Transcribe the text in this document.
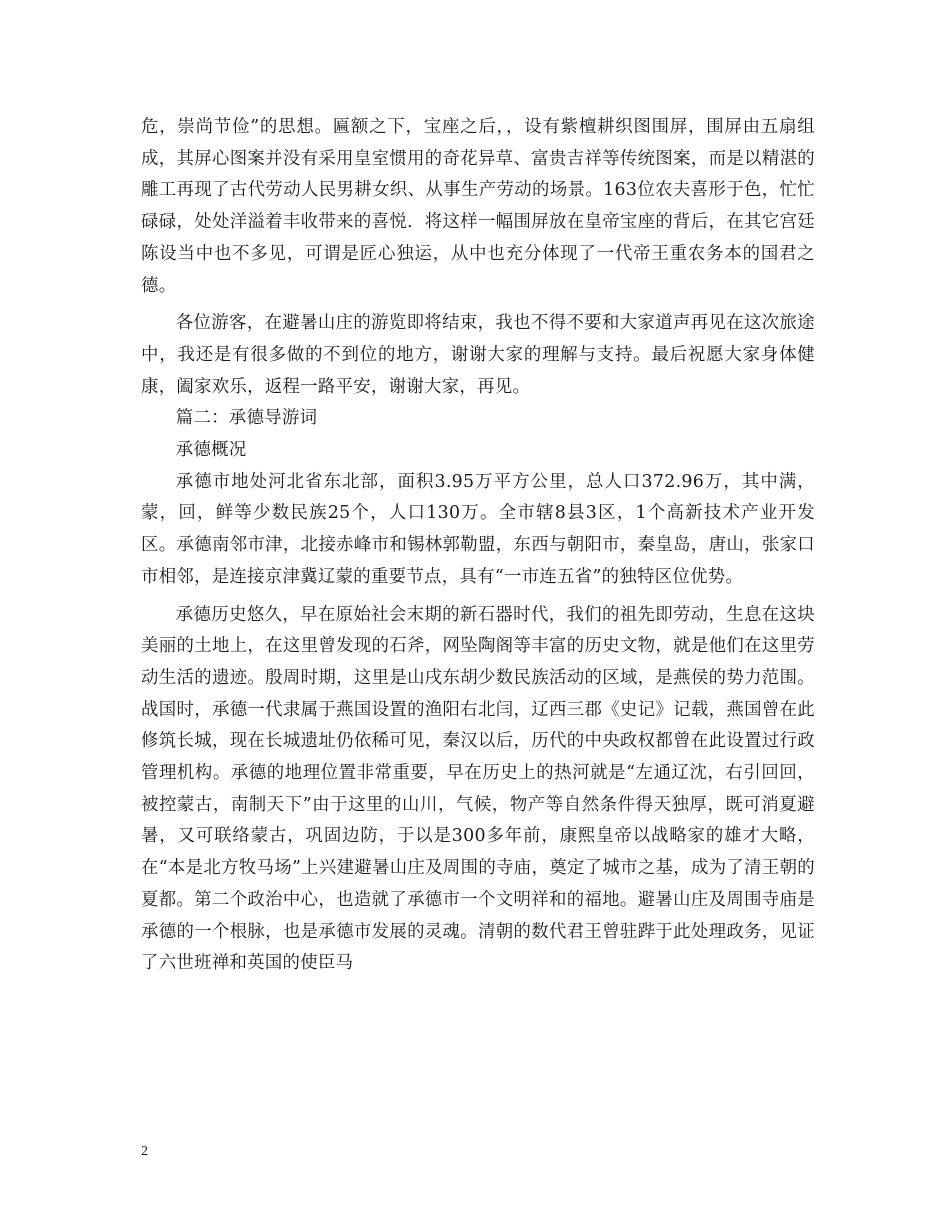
危，崇尚节俭”的思想。匾额之下，宝座之后，，设有紫檀耕织图围屏，围屏由五扇组成，其屏心图案并没有采用皇室惯用的奇花异草、富贵吉祥等传统图案，而是以精湛的雕工再现了古代劳动人民男耕女织、从事生产劳动的场景。163位农夫喜形于色，忙忙碌碌，处处洋溢着丰收带来的喜悦．将这样一幅围屏放在皇帝宝座的背后，在其它宫廷陈设当中也不多见，可谓是匠心独运，从中也充分体现了一代帝王重农务本的国君之德。

各位游客，在避暑山庄的游览即将结束，我也不得不要和大家道声再见在这次旅途中，我还是有很多做的不到位的地方，谢谢大家的理解与支持。最后祝愿大家身体健康，阖家欢乐，返程一路平安，谢谢大家，再见。

篇二：承德导游词

承德概况

承德市地处河北省东北部，面积3.95万平方公里，总人口372.96万，其中满，蒙，回，鲜等少数民族25个，人口130万。全市辖8县3区，1个高新技术产业开发区。承德南邻市津，北接赤峰市和锡林郭勒盟，东西与朝阳市，秦皇岛，唐山，张家口市相邻，是连接京津冀辽蒙的重要节点，具有“一市连五省”的独特区位优势。

承德历史悠久，早在原始社会末期的新石器时代，我们的祖先即劳动，生息在这块美丽的土地上，在这里曾发现的石斧，网坠陶阁等丰富的历史文物，就是他们在这里劳动生活的遗迹。殷周时期，这里是山戌东胡少数民族活动的区域，是燕侯的势力范围。战国时，承德一代隶属于燕国设置的渔阳右北闫，辽西三郡《史记》记载，燕国曾在此修筑长城，现在长城遗址仍依稀可见，秦汉以后，历代的中央政权都曾在此设置过行政管理机构。承德的地理位置非常重要，早在历史上的热河就是“左通辽沈，右引回回，被控蒙古，南制天下”由于这里的山川，气候，物产等自然条件得天独厚，既可消夏避暑，又可联络蒙古，巩固边防，于以是300多年前，康熙皇帝以战略家的雄才大略，在“本是北方牧马场”上兴建避暑山庄及周围的寺庙，奠定了城市之基，成为了清王朝的夏都。第二个政治中心，也造就了承德市一个文明祥和的福地。避暑山庄及周围寺庙是承德的一个根脉，也是承德市发展的灵魂。清朝的数代君王曾驻跸于此处理政务，见证了六世班禅和英国的使臣马

2
